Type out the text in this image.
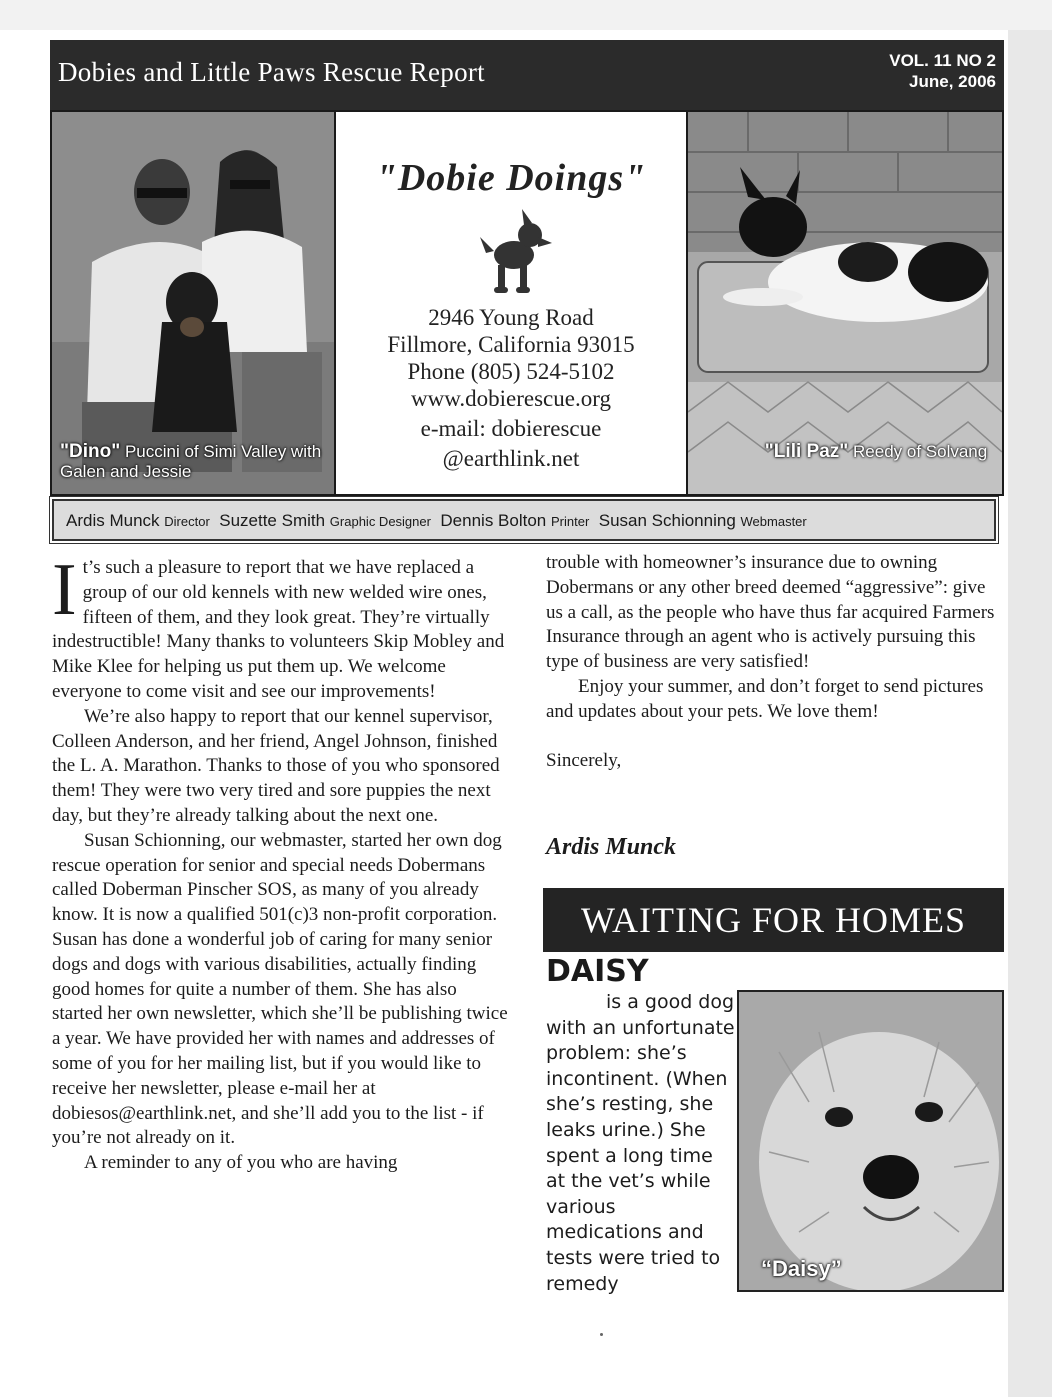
Dobies and Little Paws Rescue Report	VOL. 11 NO 2
June, 2006
"Dino" Puccini of Simi Valley with Galen and Jessie
"Dobie Doings"
2946 Young Road
Fillmore, California 93015
Phone (805) 524-5102
www.dobierescue.org
e-mail: dobierescue
@earthlink.net	"Lili Paz" Reedy of Solvang
Ardis Munck Director Suzette Smith Graphic Designer Dennis Bolton Printer Susan Schionning Webmaster

It’s such a pleasure to report that we have replaced a group of our old kennels with new welded wire ones, fifteen of them, and they look great. They’re virtually indestructible! Many thanks to volunteers Skip Mobley and Mike Klee for helping us put them up. We welcome everyone to come visit and see our improvements!

We’re also happy to report that our kennel supervisor, Colleen Anderson, and her friend, Angel Johnson, finished the L. A. Marathon. Thanks to those of you who sponsored them! They were two very tired and sore puppies the next day, but they’re already talking about the next one.

Susan Schionning, our webmaster, started her own dog rescue operation for senior and special needs Dobermans called Doberman Pinscher SOS, as many of you already know. It is now a qualified 501(c)3 non-profit corporation. Susan has done a wonderful job of caring for many senior dogs and dogs with various disabilities, actually finding good homes for quite a number of them. She has also started her own newsletter, which she’ll be publishing twice a year. We have provided her with names and addresses of some of you for her mailing list, but if you would like to receive her newsletter, please e-mail her at dobiesos@earthlink.net, and she’ll add you to the list - if you’re not already on it.

A reminder to any of you who are having

trouble with homeowner’s insurance due to owning Dobermans or any other breed deemed “aggressive”: give us a call, as the people who have thus far acquired Farmers Insurance through an agent who is actively pursuing this type of business are very satisfied!

Enjoy your summer, and don’t forget to send pictures and updates about your pets. We love them!

Sincerely,

Ardis Munck
WAITING FOR HOMES
DAISY
is a good dog with an unfortunate problem: she’s incontinent. (When she’s resting, she leaks urine.) She spent a long time at the vet’s while various medications and tests were tried to remedy
“Daisy”
